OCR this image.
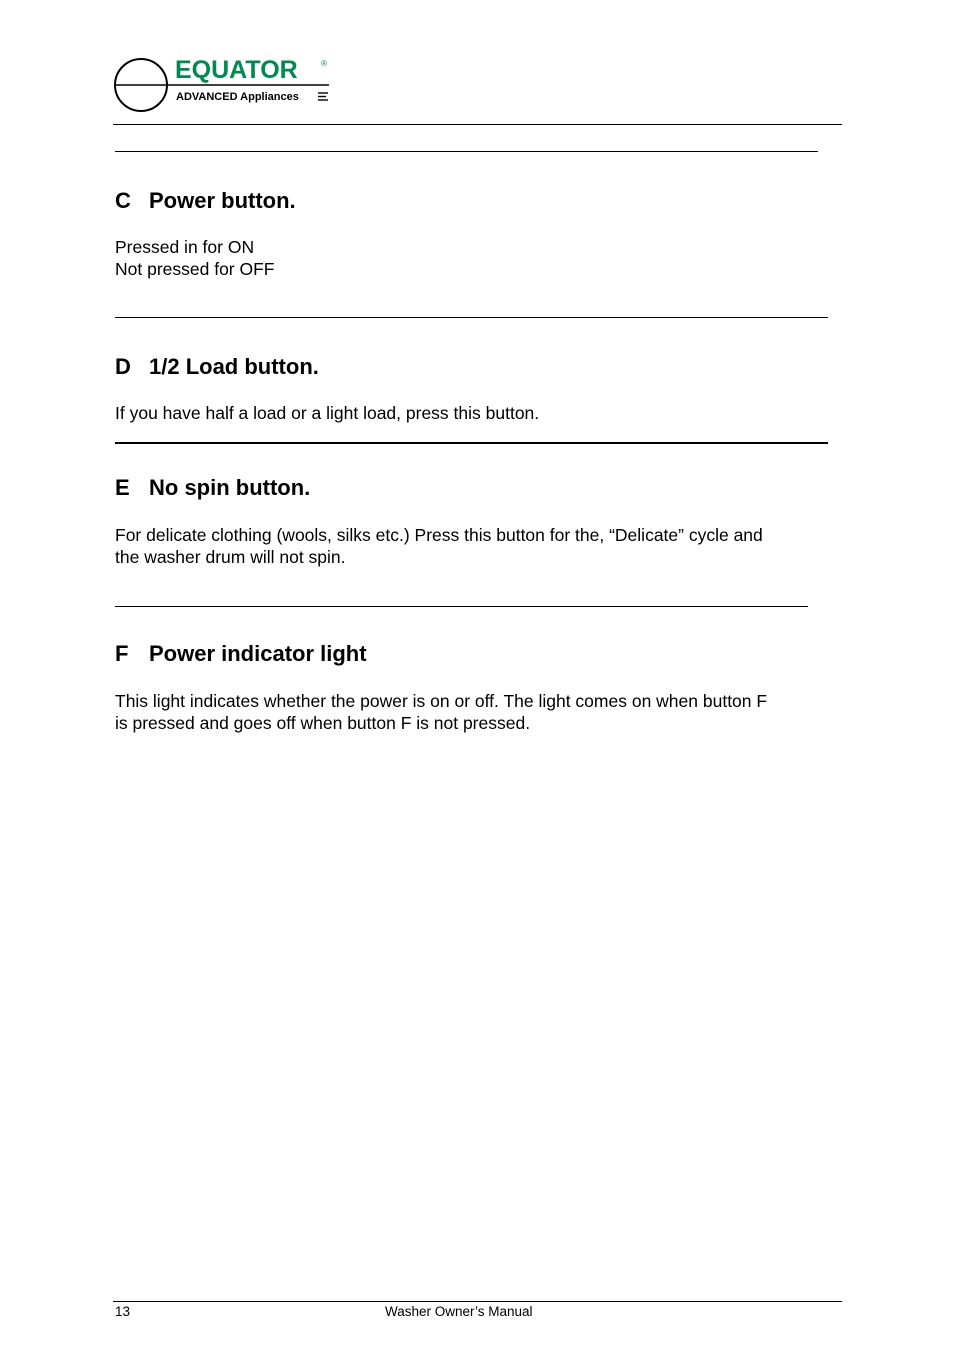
EQUATOR	®
ADVANCED Appliances
C Power button.
Pressed in for ON
Not pressed for OFF
D 1/2 Load button.
If you have half a load or a light load, press this button.
E No spin button.
For delicate clothing (wools, silks etc.) Press this button for the, “Delicate” cycle and
the washer drum will not spin.
F Power indicator light
This light indicates whether the power is on or off. The light comes on when button F
is pressed and goes off when button F is not pressed.
13	Washer Owner’s Manual
